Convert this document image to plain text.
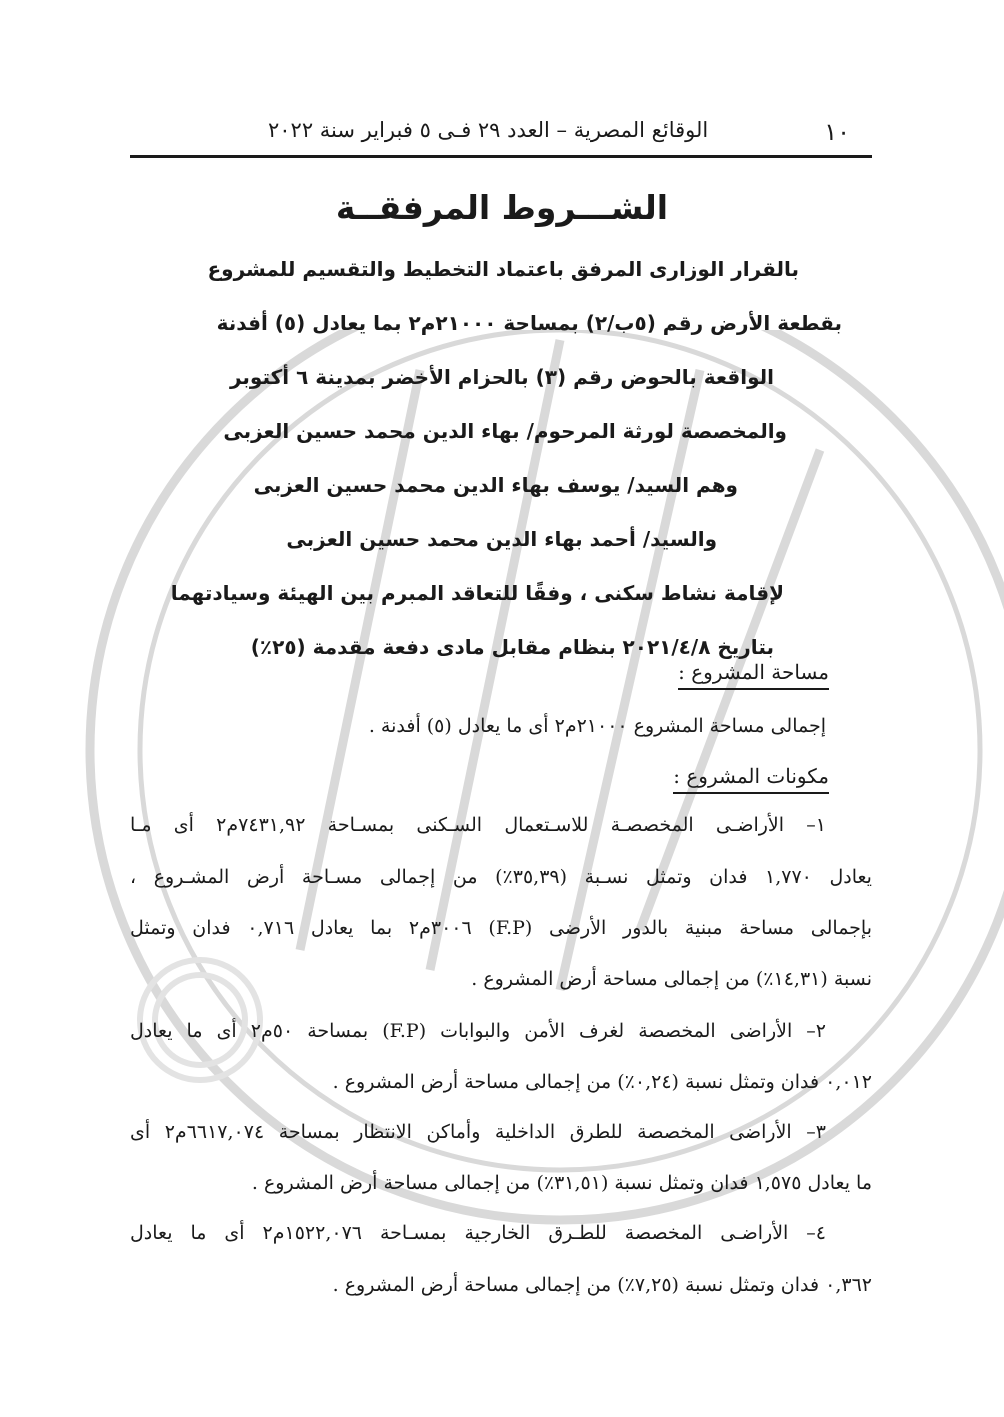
١٠
الوقائع المصرية – العدد ٢٩ فـى ٥ فبراير سنة ٢٠٢٢
الشـــروط المرفقــة
بالقرار الوزارى المرفق باعتماد التخطيط والتقسيم للمشروع
بقطعة الأرض رقم (٥ب/٢) بمساحة ٢١٠٠٠م٢ بما يعادل (٥) أفدنة
الواقعة بالحوض رقم (٣) بالحزام الأخضر بمدينة ٦ أكتوبر
والمخصصة لورثة المرحوم/ بهاء الدين محمد حسين العزبى
وهم السيد/ يوسف بهاء الدين محمد حسين العزبى
والسيد/ أحمد بهاء الدين محمد حسين العزبى
لإقامة نشاط سكنى ، وفقًا للتعاقد المبرم بين الهيئة وسيادتهما
بتاريخ ٢٠٢١/٤/٨ بنظام مقابل مادى دفعة مقدمة (٢٥٪)
مساحة المشروع :
إجمالى مساحة المشروع ٢١٠٠٠م٢ أى ما يعادل (٥) أفدنة .
مكونات المشروع :
١– الأراضـى المخصصـة للاسـتعمال السـكنى بمسـاحة ٧٤٣١,٩٢م٢ أى مـا
يعادل ١,٧٧٠ فدان وتمثل نسـبة (٣٥,٣٩٪) من إجمالى مسـاحة أرض المشـروع ،
بإجمالى مساحة مبنية بالدور الأرضى (F.P) ٣٠٠٦م٢ بما يعادل ٠,٧١٦ فدان وتمثل
نسبة (١٤,٣١٪) من إجمالى مساحة أرض المشروع .
٢– الأراضى المخصصة لغرف الأمن والبوابات (F.P) بمساحة ٥٠م٢ أى ما يعادل
٠,٠١٢ فدان وتمثل نسبة (٠,٢٤٪) من إجمالى مساحة أرض المشروع .
٣– الأراضى المخصصة للطرق الداخلية وأماكن الانتظار بمساحة ٦٦١٧,٠٧٤م٢ أى
ما يعادل ١,٥٧٥ فدان وتمثل نسبة (٣١,٥١٪) من إجمالى مساحة أرض المشروع .
٤– الأراضـى المخصصة للطـرق الخارجية بمسـاحة ١٥٢٢,٠٧٦م٢ أى ما يعادل
٠,٣٦٢ فدان وتمثل نسبة (٧,٢٥٪) من إجمالى مساحة أرض المشروع .
